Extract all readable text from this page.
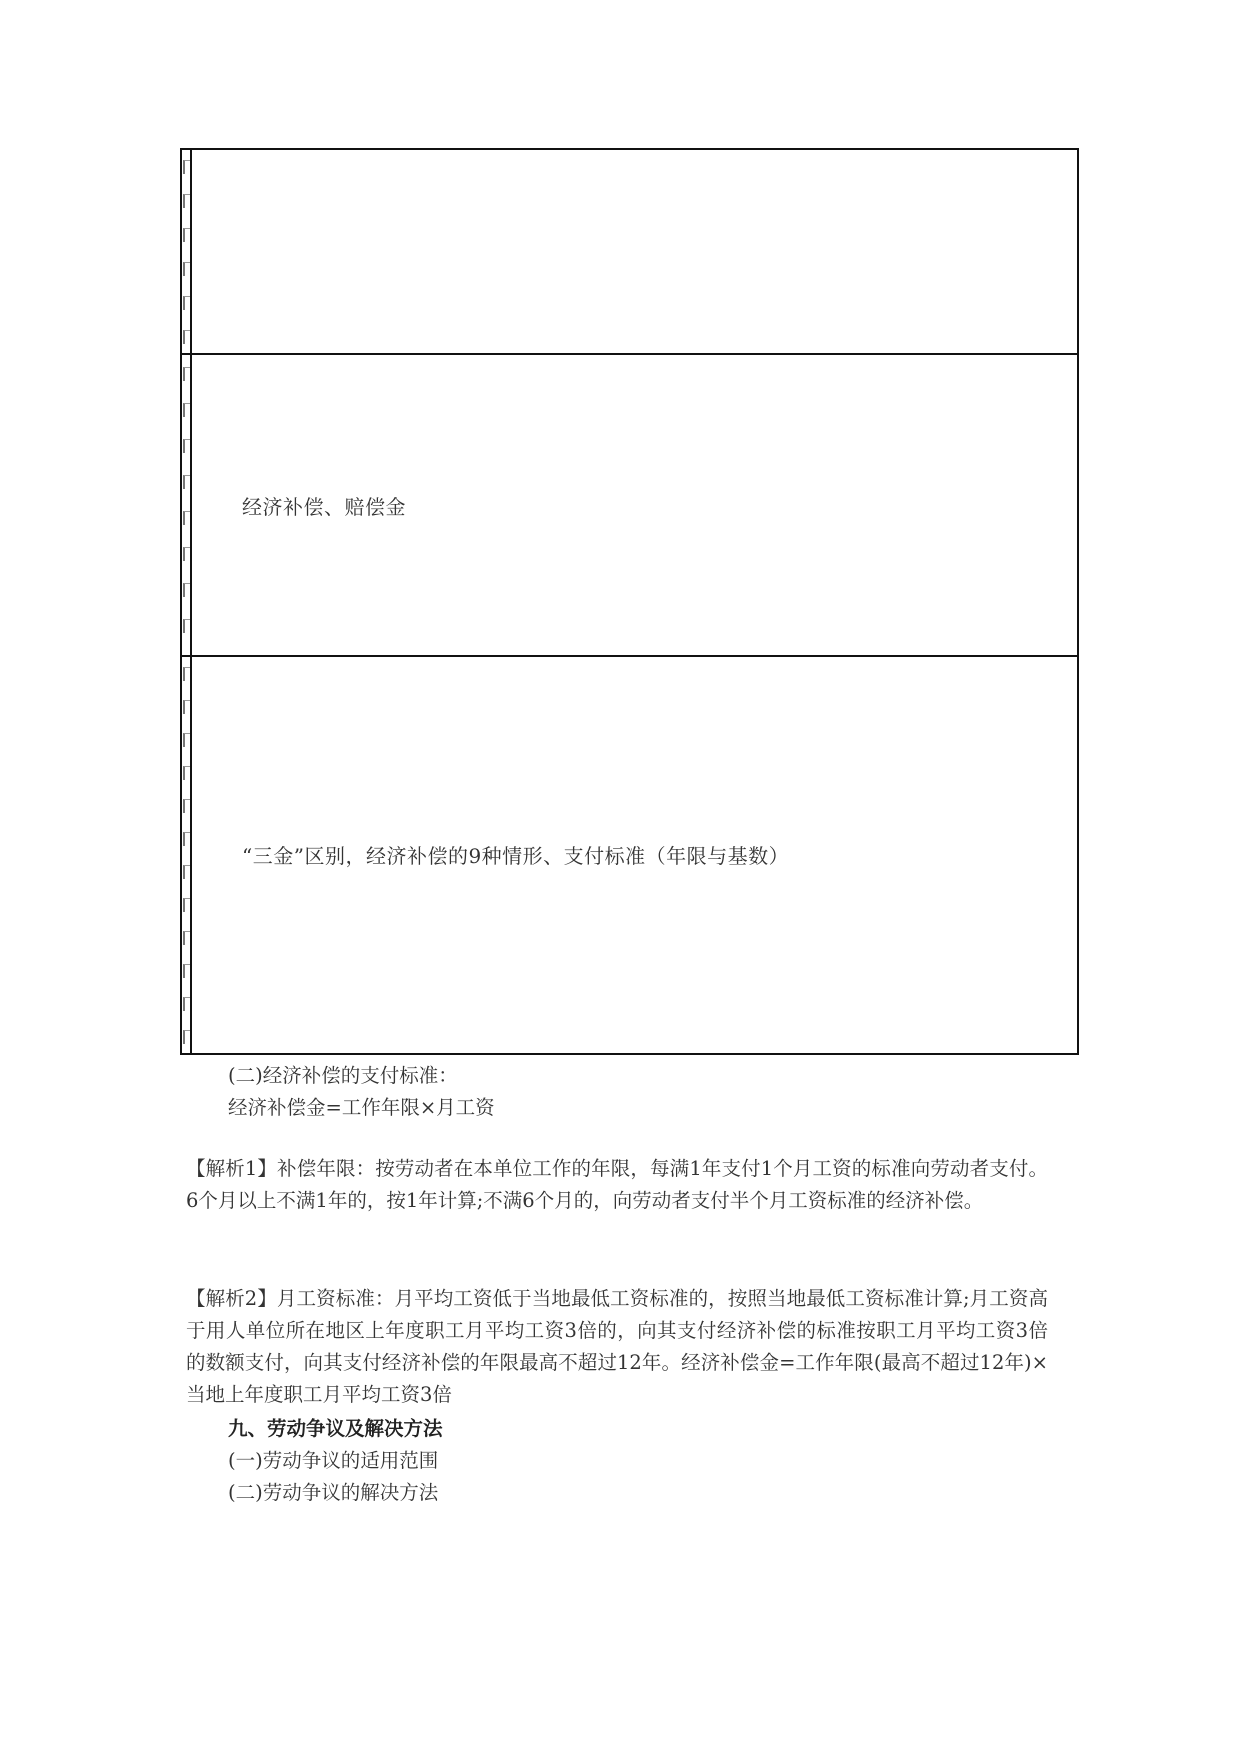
经济补偿、赔偿金
“三金”区别，经济补偿的9种情形、支付标准（年限与基数）
(二)经济补偿的支付标准：
经济补偿金=工作年限×月工资
【解析1】补偿年限：按劳动者在本单位工作的年限，每满1年支付1个月工资的标准向劳动者支付。6个月以上不满1年的，按1年计算;不满6个月的，向劳动者支付半个月工资标准的经济补偿。
【解析2】月工资标准：月平均工资低于当地最低工资标准的，按照当地最低工资标准计算;月工资高于用人单位所在地区上年度职工月平均工资3倍的，向其支付经济补偿的标准按职工月平均工资3倍的数额支付，向其支付经济补偿的年限最高不超过12年。经济补偿金=工作年限(最高不超过12年)×当地上年度职工月平均工资3倍
九、劳动争议及解决方法
(一)劳动争议的适用范围
(二)劳动争议的解决方法
